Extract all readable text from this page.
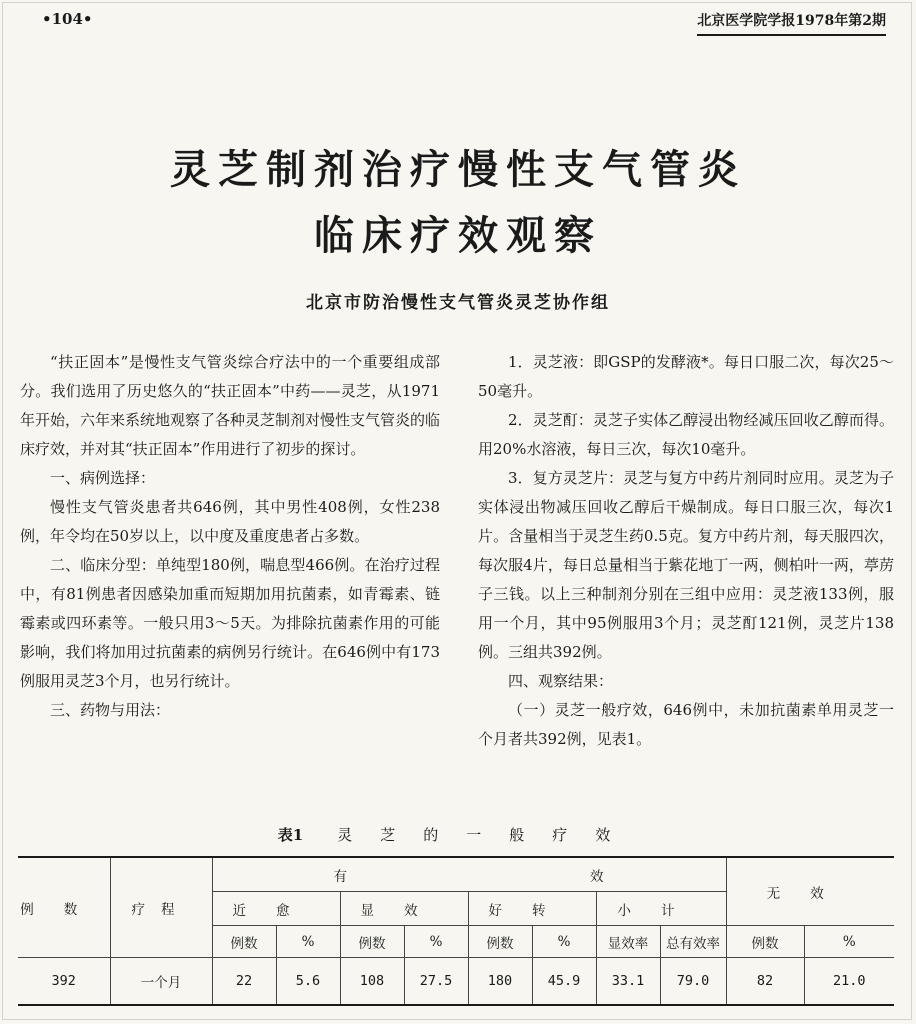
•104•	北京医学院学报1978年第2期
灵芝制剂治疗慢性支气管炎
临床疗效观察
北京市防治慢性支气管炎灵芝协作组

“扶正固本”是慢性支气管炎综合疗法中的一个重要组成部分。我们选用了历史悠久的“扶正固本”中药——灵芝，从1971年开始，六年来系统地观察了各种灵芝制剂对慢性支气管炎的临床疗效，并对其“扶正固本”作用进行了初步的探讨。

一、病例选择：

慢性支气管炎患者共646例，其中男性408例，女性238例，年令均在50岁以上，以中度及重度患者占多数。

二、临床分型：单纯型180例，喘息型466例。在治疗过程中，有81例患者因感染加重而短期加用抗菌素，如青霉素、链霉素或四环素等。一般只用3～5天。为排除抗菌素作用的可能影响，我们将加用过抗菌素的病例另行统计。在646例中有173例服用灵芝3个月，也另行统计。

三、药物与用法：

1．灵芝液：即GSP的发酵液*。每日口服二次，每次25～50毫升。

2．灵芝酊：灵芝子实体乙醇浸出物经减压回收乙醇而得。用20%水溶液，每日三次，每次10毫升。

3．复方灵芝片：灵芝与复方中药片剂同时应用。灵芝为子实体浸出物减压回收乙醇后干燥制成。每日口服三次，每次1片。含量相当于灵芝生药0.5克。复方中药片剂，每天服四次，每次服4片，每日总量相当于紫花地丁一两，侧柏叶一两，葶苈子三钱。以上三种制剂分别在三组中应用：灵芝液133例，服用一个月，其中95例服用3个月；灵芝酊121例，灵芝片138例。三组共392例。

四、观察结果：

（一）灵芝一般疗效，646例中，未加抗菌素单用灵芝一个月者共392例，见表1。

表1 灵芝的一般疗效
例数	疗程	有				效				无效	
		近愈		显效		好转		小计			
		例数	%	例数	%	例数	%	显效率	总有效率	例数	%
392	一个月	22	5.6	108	27.5	180	45.9	33.1	79.0	82	21.0
